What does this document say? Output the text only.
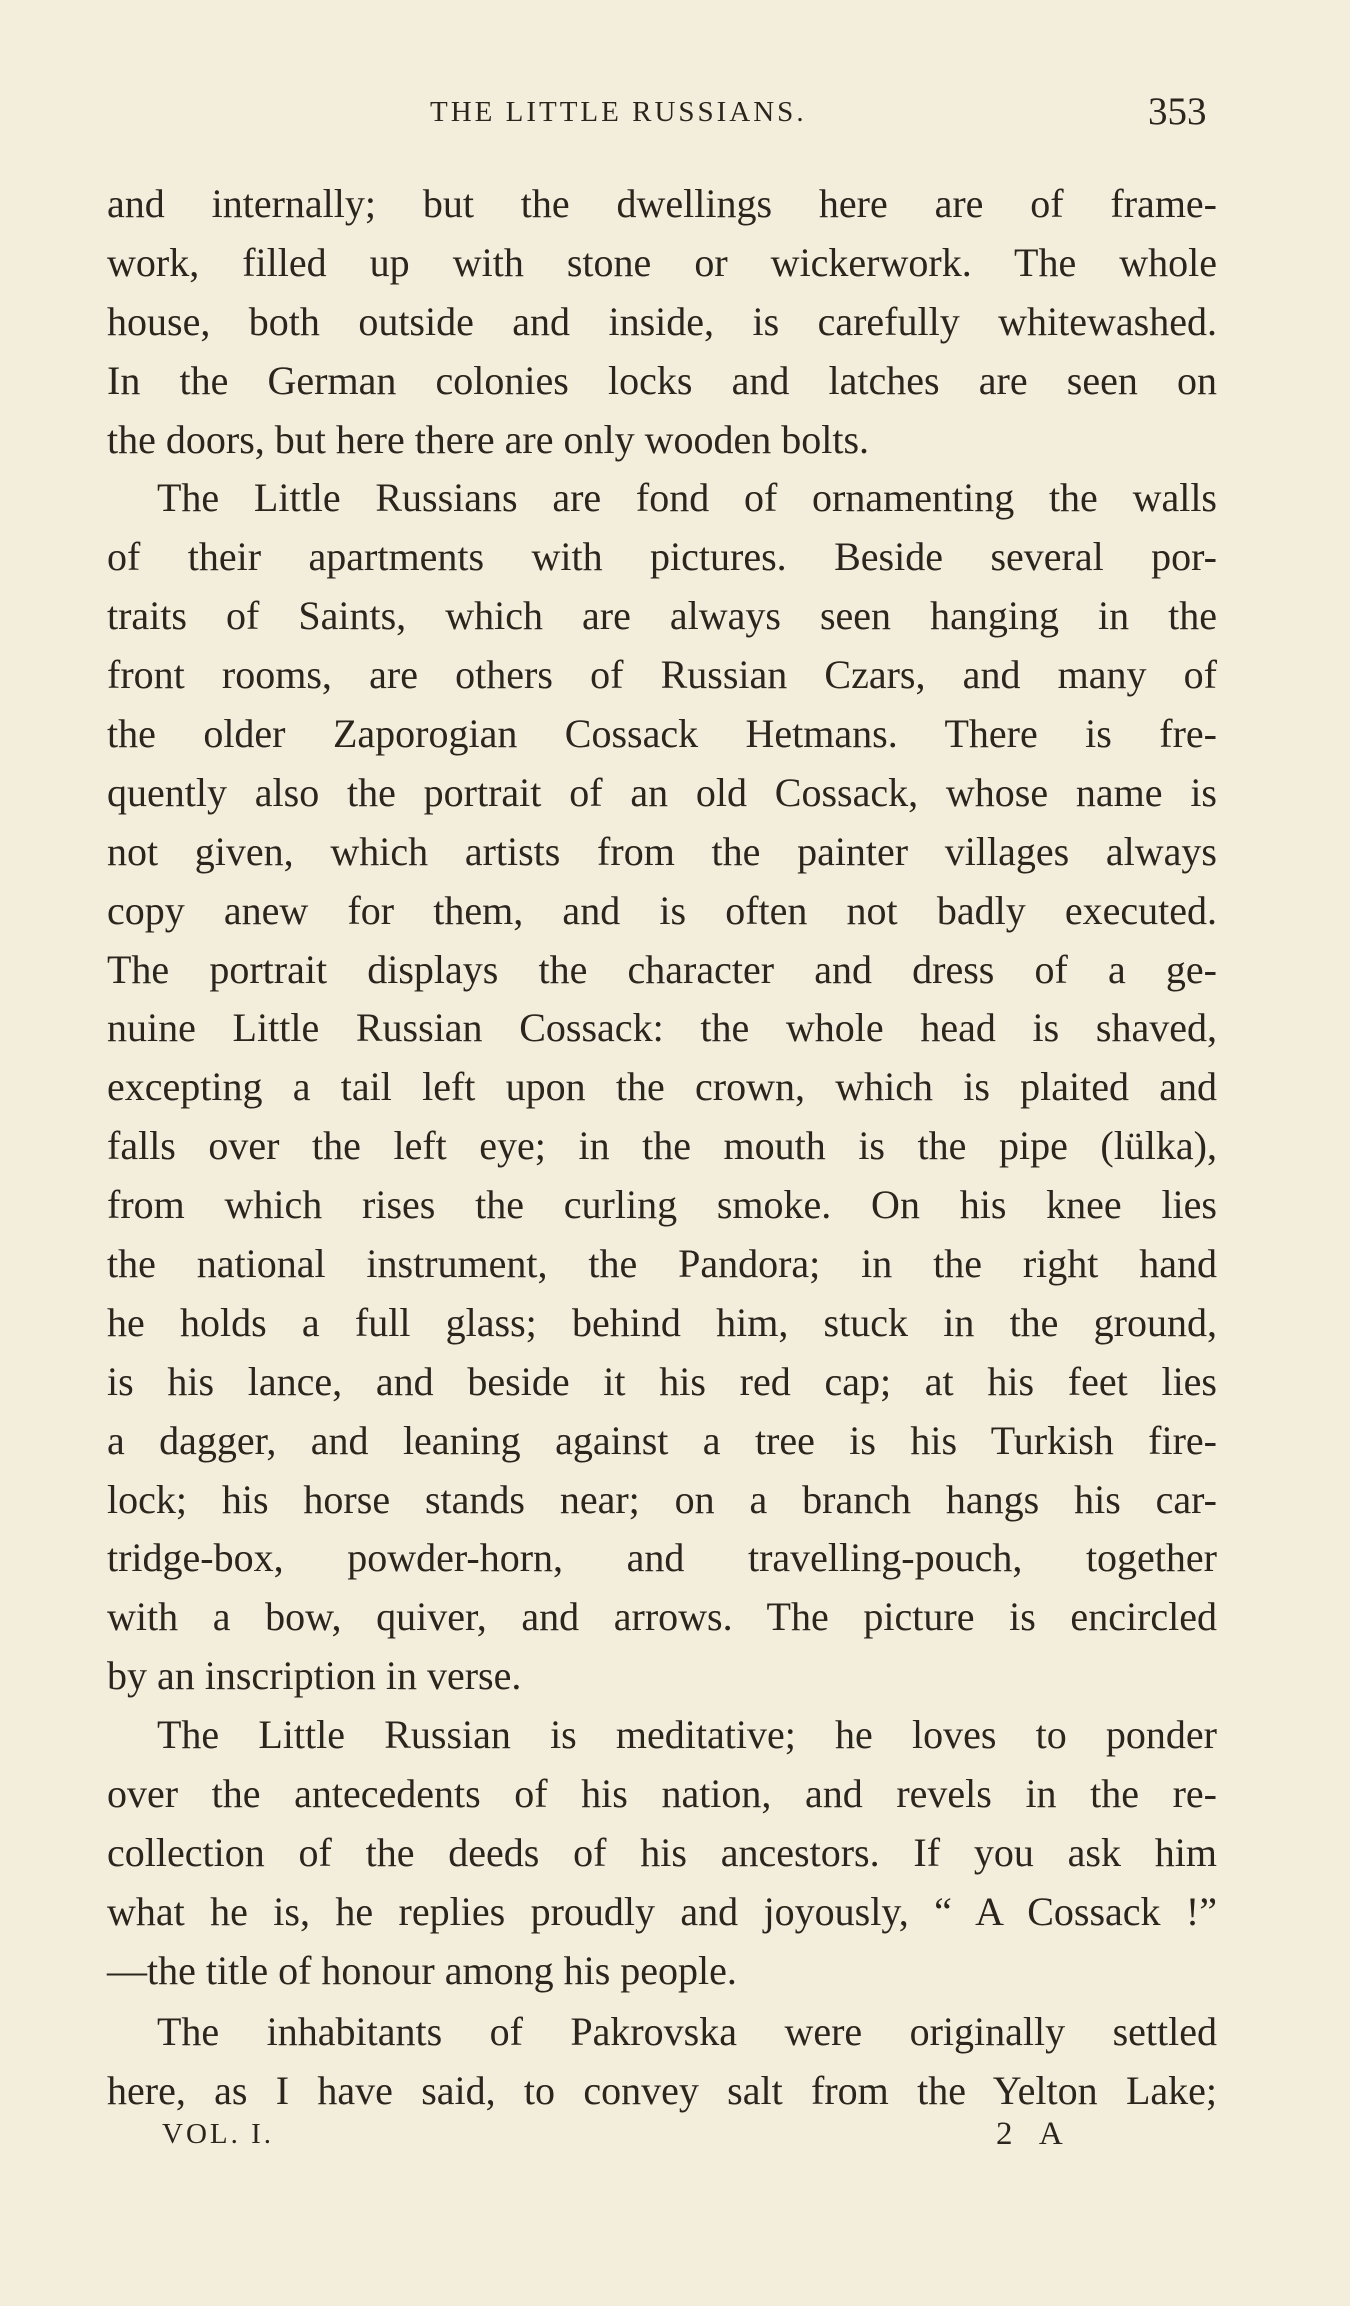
THE LITTLE RUSSIANS.	353
and internally; but the dwellings here are of frame-
work, filled up with stone or wickerwork. The whole
house, both outside and inside, is carefully whitewashed.
In the German colonies locks and latches are seen on
the doors, but here there are only wooden bolts.
The Little Russians are fond of ornamenting the walls
of their apartments with pictures. Beside several por-
traits of Saints, which are always seen hanging in the
front rooms, are others of Russian Czars, and many of
the older Zaporogian Cossack Hetmans. There is fre-
quently also the portrait of an old Cossack, whose name is
not given, which artists from the painter villages always
copy anew for them, and is often not badly executed.
The portrait displays the character and dress of a ge-
nuine Little Russian Cossack: the whole head is shaved,
excepting a tail left upon the crown, which is plaited and
falls over the left eye; in the mouth is the pipe (lülka),
from which rises the curling smoke. On his knee lies
the national instrument, the Pandora; in the right hand
he holds a full glass; behind him, stuck in the ground,
is his lance, and beside it his red cap; at his feet lies
a dagger, and leaning against a tree is his Turkish fire-
lock; his horse stands near; on a branch hangs his car-
tridge-box, powder-horn, and travelling-pouch, together
with a bow, quiver, and arrows. The picture is encircled
by an inscription in verse.
The Little Russian is meditative; he loves to ponder
over the antecedents of his nation, and revels in the re-
collection of the deeds of his ancestors. If you ask him
what he is, he replies proudly and joyously, “ A Cossack !”
—the title of honour among his people.
The inhabitants of Pakrovska were originally settled
here, as I have said, to convey salt from the Yelton Lake;
VOL. I.	2 A
